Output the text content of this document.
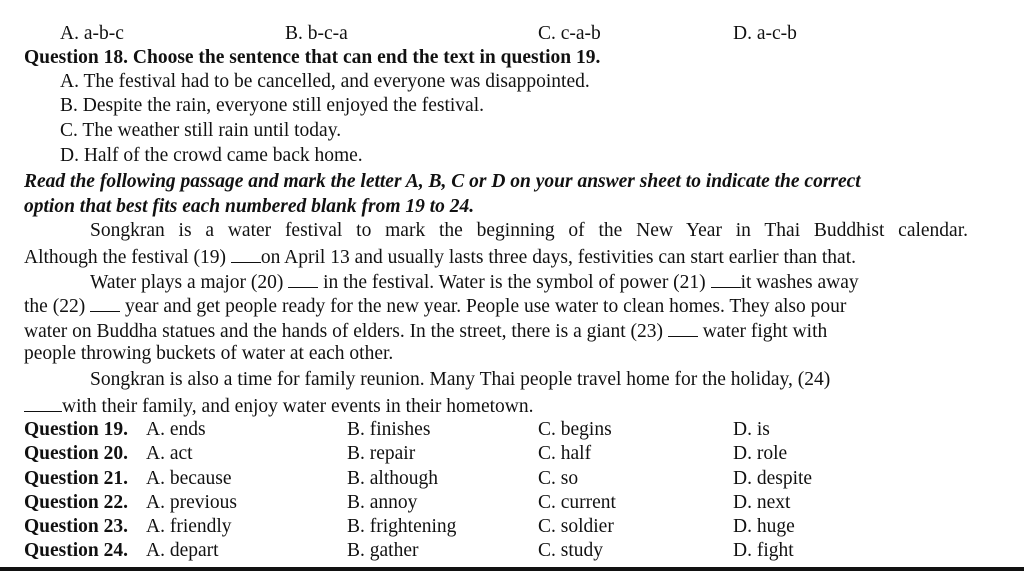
A. a-b-c	B. b-c-a	C. c-a-b	D. a-c-b
Question 18. Choose the sentence that can end the text in question 19.
A. The festival had to be cancelled, and everyone was disappointed.
B. Despite the rain, everyone still enjoyed the festival.
C. The weather still rain until today.
D. Half of the crowd came back home.
Read the following passage and mark the letter A, B, C or D on your answer sheet to indicate the correct
option that best fits each numbered blank from 19 to 24.
Songkran is a water festival to mark the beginning of the New Year in Thai Buddhist calendar.
Although the festival (19) on April 13 and usually lasts three days, festivities can start earlier than that.
Water plays a major (20)  in the festival. Water is the symbol of power (21) it washes away
the (22)  year and get people ready for the new year. People use water to clean homes. They also pour
water on Buddha statues and the hands of elders. In the street, there is a giant (23)  water fight with
people throwing buckets of water at each other.
Songkran is also a time for family reunion. Many Thai people travel home for the holiday, (24)
with their family, and enjoy water events in their hometown.
Question 19. A. ends	B. finishes	C. begins	D. is
Question 20. A. act	B. repair	C. half	D. role
Question 21. A. because	B. although	C. so	D. despite
Question 22. A. previous	B. annoy	C. current	D. next
Question 23. A. friendly	B. frightening	C. soldier	D. huge
Question 24. A. depart	B. gather	C. study	D. fight
